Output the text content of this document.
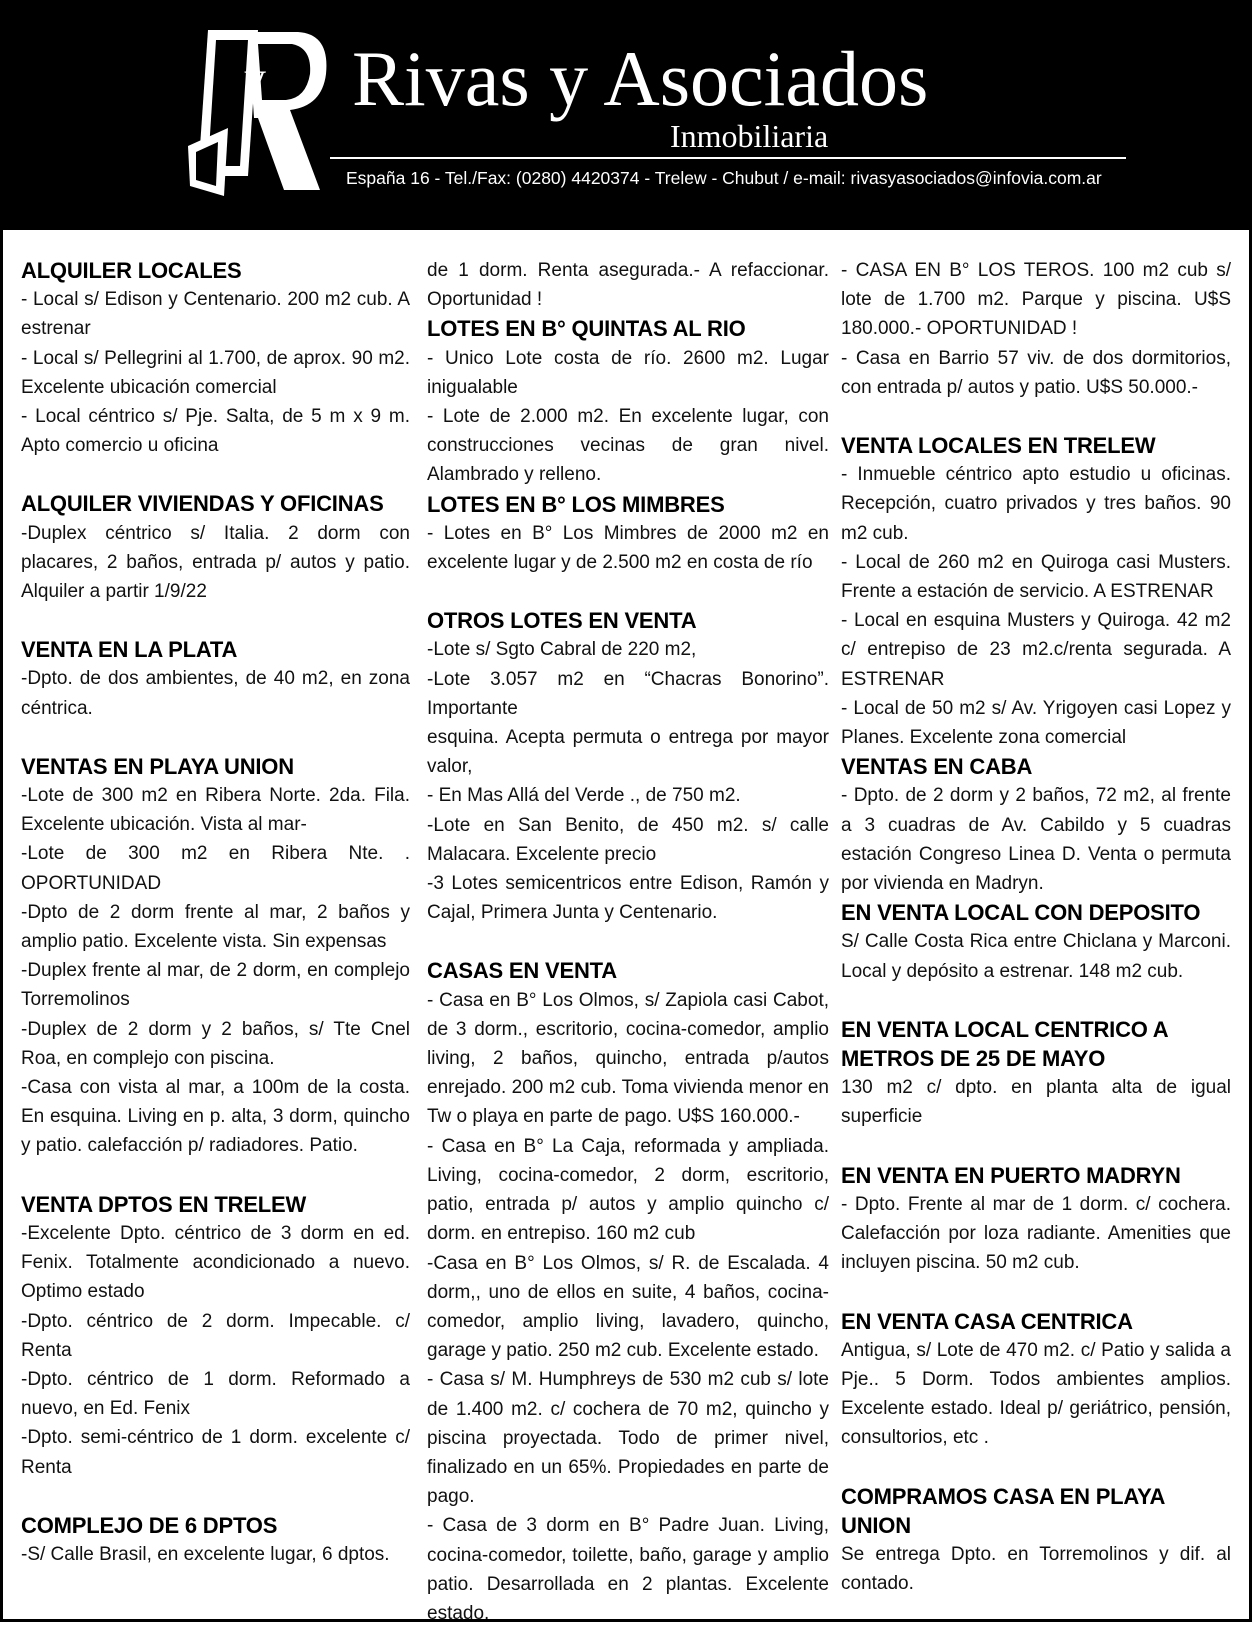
y Rivas y Asociados
Inmobiliaria
España 16 - Tel./Fax: (0280) 4420374 - Trelew - Chubut / e-mail: rivasyasociados@infovia.com.ar
ALQUILER LOCALES

- Local s/ Edison y Centenario. 200 m2 cub. A estrenar

- Local s/ Pellegrini al 1.700, de aprox. 90 m2. Excelente ubicación comercial

- Local céntrico s/ Pje. Salta, de 5 m x 9 m. Apto comercio u oficina

ALQUILER VIVIENDAS Y OFICINAS

-Duplex céntrico s/ Italia. 2 dorm con placares, 2 baños, entrada p/ autos y patio. Alquiler a partir 1/9/22

VENTA EN LA PLATA

-Dpto. de dos ambientes, de 40 m2, en zona céntrica.

VENTAS EN PLAYA UNION

-Lote de 300 m2 en Ribera Norte. 2da. Fila. Excelente ubicación. Vista al mar-

-Lote de 300 m2 en Ribera Nte. . OPORTUNIDAD

-Dpto de 2 dorm frente al mar, 2 baños y amplio patio. Excelente vista. Sin expensas

-Duplex frente al mar, de 2 dorm, en complejo Torremolinos

-Duplex de 2 dorm y 2 baños, s/ Tte Cnel Roa, en complejo con piscina.

-Casa con vista al mar, a 100m de la costa. En esquina. Living en p. alta, 3 dorm, quincho y patio. calefacción p/ radiadores. Patio.

VENTA DPTOS EN TRELEW

-Excelente Dpto. céntrico de 3 dorm en ed. Fenix. Totalmente acondicionado a nuevo. Optimo estado

-Dpto. céntrico de 2 dorm. Impecable. c/ Renta

-Dpto. céntrico de 1 dorm. Reformado a nuevo, en Ed. Fenix

-Dpto. semi-céntrico de 1 dorm. excelente c/ Renta

COMPLEJO DE 6 DPTOS

-S/ Calle Brasil, en excelente lugar, 6 dptos.

de 1 dorm. Renta asegurada.- A refaccionar. Oportunidad !

LOTES EN B° QUINTAS AL RIO

- Unico Lote costa de río. 2600 m2. Lugar inigualable

- Lote de 2.000 m2. En excelente lugar, con construcciones vecinas de gran nivel. Alambrado y relleno.

LOTES EN B° LOS MIMBRES

- Lotes en B° Los Mimbres de 2000 m2 en excelente lugar y de 2.500 m2 en costa de río

OTROS LOTES EN VENTA

-Lote s/ Sgto Cabral de 220 m2,

-Lote 3.057 m2 en “Chacras Bonorino”. Importante

esquina. Acepta permuta o entrega por mayor valor,

- En Mas Allá del Verde ., de 750 m2.

-Lote en San Benito, de 450 m2. s/ calle Malacara. Excelente precio

-3 Lotes semicentricos entre Edison, Ramón y Cajal, Primera Junta y Centenario.

CASAS EN VENTA

- Casa en B° Los Olmos, s/ Zapiola casi Cabot, de 3 dorm., escritorio, cocina-comedor, amplio living, 2 baños, quincho, entrada p/autos enrejado. 200 m2 cub. Toma vivienda menor en Tw o playa en parte de pago. U$S 160.000.-

- Casa en B° La Caja, reformada y ampliada. Living, cocina-comedor, 2 dorm, escritorio, patio, entrada p/ autos y amplio quincho c/ dorm. en entrepiso. 160 m2 cub

-Casa en B° Los Olmos, s/ R. de Escalada. 4 dorm,, uno de ellos en suite, 4 baños, cocina-comedor, amplio living, lavadero, quincho, garage y patio. 250 m2 cub. Excelente estado.

- Casa s/ M. Humphreys de 530 m2 cub s/ lote de 1.400 m2. c/ cochera de 70 m2, quincho y piscina proyectada. Todo de primer nivel, finalizado en un 65%. Propiedades en parte de pago.

- Casa de 3 dorm en B° Padre Juan. Living, cocina-comedor, toilette, baño, garage y amplio patio. Desarrollada en 2 plantas. Excelente estado.

- CASA EN B° LOS TEROS. 100 m2 cub s/ lote de 1.700 m2. Parque y piscina. U$S 180.000.- OPORTUNIDAD !

- Casa en Barrio 57 viv. de dos dormitorios, con entrada p/ autos y patio. U$S 50.000.-

VENTA LOCALES EN TRELEW

- Inmueble céntrico apto estudio u oficinas. Recepción, cuatro privados y tres baños. 90 m2 cub.

- Local de 260 m2 en Quiroga casi Musters. Frente a estación de servicio. A ESTRENAR

- Local en esquina Musters y Quiroga. 42 m2 c/ entrepiso de 23 m2.c/renta segurada. A ESTRENAR

- Local de 50 m2 s/ Av. Yrigoyen casi Lopez y Planes. Excelente zona comercial

VENTAS EN CABA

- Dpto. de 2 dorm y 2 baños, 72 m2, al frente a 3 cuadras de Av. Cabildo y 5 cuadras estación Congreso Linea D. Venta o permuta por vivienda en Madryn.

EN VENTA LOCAL CON DEPOSITO

S/ Calle Costa Rica entre Chiclana y Marconi. Local y depósito a estrenar. 148 m2 cub.

EN VENTA LOCAL CENTRICO A METROS DE 25 DE MAYO

130 m2 c/ dpto. en planta alta de igual superficie

EN VENTA EN PUERTO MADRYN

- Dpto. Frente al mar de 1 dorm. c/ cochera. Calefacción por loza radiante. Amenities que incluyen piscina. 50 m2 cub.

EN VENTA CASA CENTRICA

Antigua, s/ Lote de 470 m2. c/ Patio y salida a Pje.. 5 Dorm. Todos ambientes amplios. Excelente estado. Ideal p/ geriátrico, pensión, consultorios, etc .

COMPRAMOS CASA EN PLAYA UNION

Se entrega Dpto. en Torremolinos y dif. al contado.
